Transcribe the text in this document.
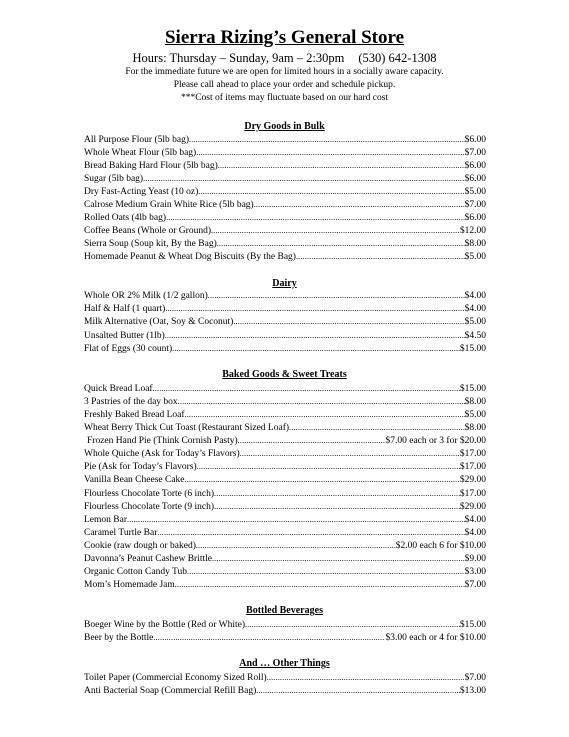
Sierra Rizing’s General Store
Hours: Thursday – Sunday, 9am – 2:30pm (530) 642-1308
For the immediate future we are open for limited hours in a socially aware capacity.
Please call ahead to place your order and schedule pickup.
***Cost of items may fluctuate based on our hard cost
Dry Goods in Bulk
All Purpose Flour (5lb bag) .....	$6.00
Whole Wheat Flour (5lb bag) .....	$7.00
Bread Baking Hard Flour (5lb bag) .....	$6.00
Sugar (5lb bag) .....	$6.00
Dry Fast-Acting Yeast (10 oz) .....	$5.00
Calrose Medium Grain White Rice (5lb bag) .....	$7.00
Rolled Oats (4lb bag) .....	$6.00
Coffee Beans (Whole or Ground) .....	$12.00
Sierra Soup (Soup kit, By the Bag) .....	$8.00
Homemade Peanut & Wheat Dog Biscuits (By the Bag) .....	$5.00
Dairy
Whole OR 2% Milk (1/2 gallon) .....	$4.00
Half & Half (1 quart) .....	$4.00
Milk Alternative (Oat, Soy & Coconut) .....	$5.00
Unsalted Butter (1lb) .....	$4.50
Flat of Eggs (30 count) .....	$15.00
Baked Goods & Sweet Treats
Quick Bread Loaf .....	$15.00
3 Pastries of the day box .....	$8.00
Freshly Baked Bread Loaf .....	$5.00
Wheat Berry Thick Cut Toast (Restaurant Sized Loaf) .....	$8.00
Frozen Hand Pie (Think Cornish Pasty) .....	$7.00 each or 3 for $20.00
Whole Quiche (Ask for Today’s Flavors) .....	$17.00
Pie (Ask for Today’s Flavors) .....	$17.00
Vanilla Bean Cheese Cake .....	$29.00
Flourless Chocolate Torte (6 inch) .....	$17.00
Flourless Chocolate Torte (9 inch) .....	$29.00
Lemon Bar .....	$4.00
Caramel Turtle Bar .....	$4.00
Cookie (raw dough or baked) .....	$2.00 each 6 for $10.00
Davonna’s Peanut Cashew Brittle .....	$9.00
Organic Cotton Candy Tub .....	$3.00
Mom’s Homemade Jam .....	$7.00
Bottled Beverages
Boeger Wine by the Bottle (Red or White) .....	$15.00
Beer by the Bottle .....	$3.00 each or 4 for $10.00
And … Other Things
Toilet Paper (Commercial Economy Sized Roll) .....	$7.00
Anti Bacterial Soap (Commercial Refill Bag) .....	$13.00
